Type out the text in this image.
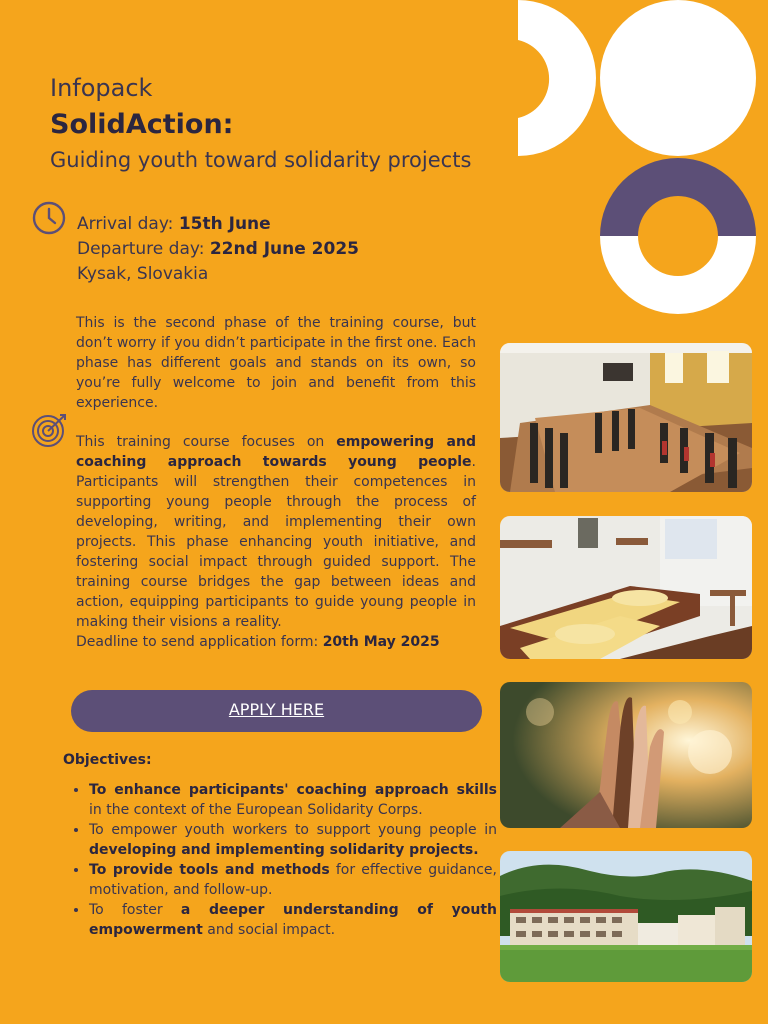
Infopack
SolidAction:
Guiding youth toward solidarity projects
Arrival day: 15th June
Departure day: 22nd June 2025
Kysak, Slovakia
This is the second phase of the training course, but don’t worry if you didn’t participate in the first one. Each phase has different goals and stands on its own, so you’re fully welcome to join and benefit from this experience.
This training course focuses on empowering and coaching approach towards young people. Participants will strengthen their competences in supporting young people through the process of developing, writing, and implementing their own projects. This phase enhancing youth initiative, and fostering social impact through guided support. The training course bridges the gap between ideas and action, equipping participants to guide young people in making their visions a reality.
Deadline to send application form: 20th May 2025
APPLY HERE
Objectives:
• To enhance participants' coaching approach skills in the context of the European Solidarity Corps.
• To empower youth workers to support young people in developing and implementing solidarity projects.
• To provide tools and methods for effective guidance, motivation, and follow-up.
• To foster a deeper understanding of youth empowerment and social impact.
